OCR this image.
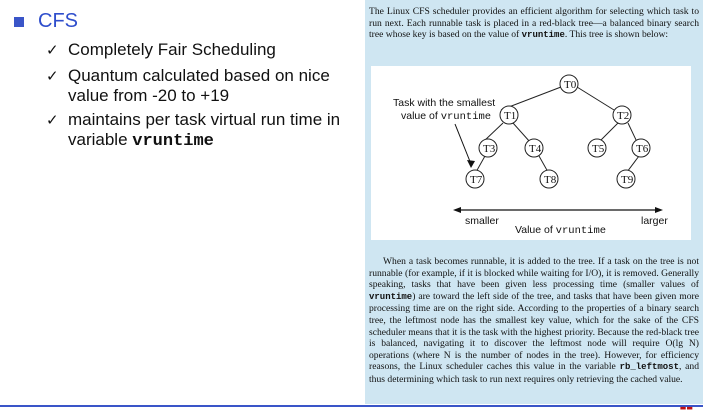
CFS
✓ Completely Fair Scheduling
✓ Quantum calculated based on nice value from -20 to +19
✓ maintains per task virtual run time in variable vruntime
The Linux CFS scheduler provides an efficient algorithm for selecting which task to run next. Each runnable task is placed in a red-black tree—a balanced binary search tree whose key is based on the value of vruntime. This tree is shown below:
T0
T1	T2
T3	T4	T5	T6
T7	T8	T9
Task with the smallest
value of vruntime
smaller	larger
Value of vruntime
When a task becomes runnable, it is added to the tree. If a task on the tree is not runnable (for example, if it is blocked while waiting for I/O), it is removed. Generally speaking, tasks that have been given less processing time (smaller values of vruntime) are toward the left side of the tree, and tasks that have been given more processing time are on the right side. According to the properties of a binary search tree, the leftmost node has the smallest key value, which for the sake of the CFS scheduler means that it is the task with the highest priority. Because the red-black tree is balanced, navigating it to discover the leftmost node will require O(lg N) operations (where N is the number of nodes in the tree). However, for efficiency reasons, the Linux scheduler caches this value in the variable rb_leftmost, and thus determining which task to run next requires only retrieving the cached value.
▬▬
